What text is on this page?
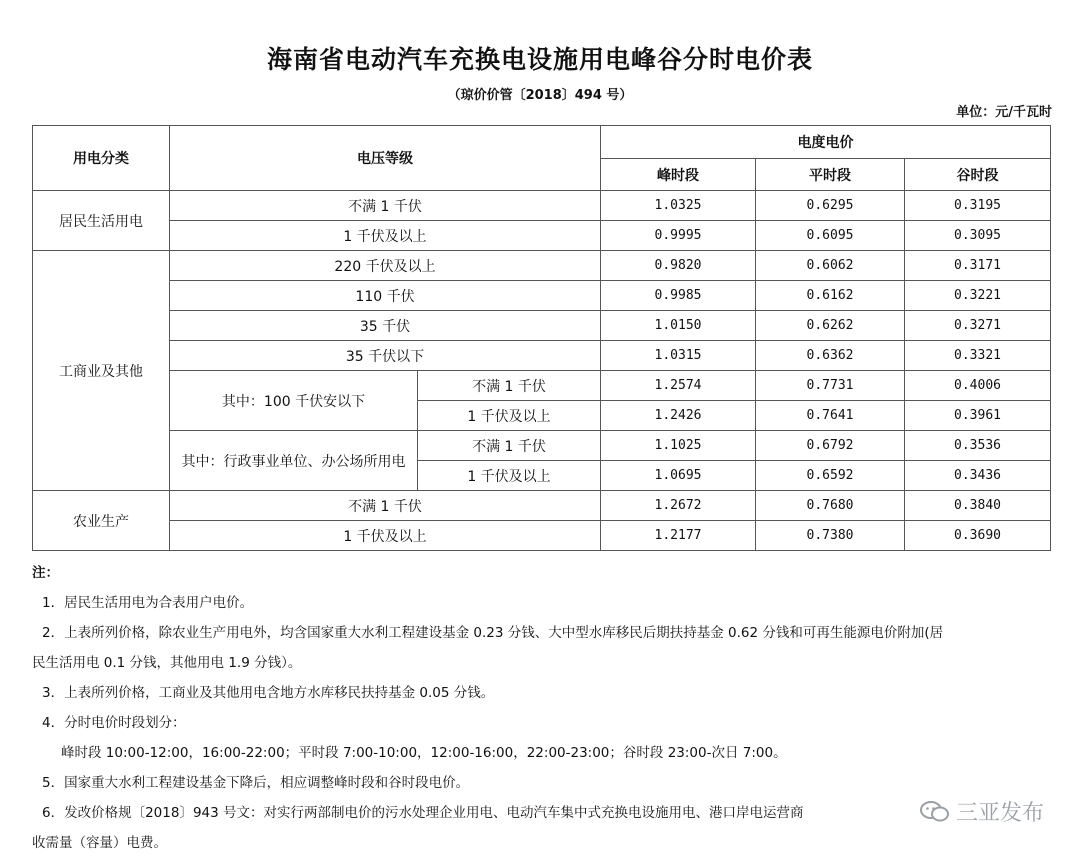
海南省电动汽车充换电设施用电峰谷分时电价表
（琼价价管〔2018〕494 号）
单位：元/千瓦时
用电分类	电压等级		电度电价		
			峰时段	平时段	谷时段
居民生活用电	不满 1 千伏		1.0325	0.6295	0.3195
	1 千伏及以上		0.9995	0.6095	0.3095
工商业及其他	220 千伏及以上		0.9820	0.6062	0.3171
	110 千伏		0.9985	0.6162	0.3221
	35 千伏		1.0150	0.6262	0.3271
	35 千伏以下		1.0315	0.6362	0.3321
	其中：100 千伏安以下	不满 1 千伏	1.2574	0.7731	0.4006
		1 千伏及以上	1.2426	0.7641	0.3961
	其中：行政事业单位、办公场所用电	不满 1 千伏	1.1025	0.6792	0.3536
		1 千伏及以上	1.0695	0.6592	0.3436
农业生产	不满 1 千伏		1.2672	0.7680	0.3840
	1 千伏及以上		1.2177	0.7380	0.3690

注：

1．居民生活用电为合表用户电价。

2．上表所列价格，除农业生产用电外，均含国家重大水利工程建设基金 0.23 分钱、大中型水库移民后期扶持基金 0.62 分钱和可再生能源电价附加(居

民生活用电 0.1 分钱，其他用电 1.9 分钱）。

3．上表所列价格，工商业及其他用电含地方水库移民扶持基金 0.05 分钱。

4．分时电价时段划分：

峰时段 10:00-12:00，16:00-22:00；平时段 7:00-10:00，12:00-16:00，22:00-23:00；谷时段 23:00-次日 7:00。

5．国家重大水利工程建设基金下降后，相应调整峰时段和谷时段电价。

6．发改价格规〔2018〕943 号文：对实行两部制电价的污水处理企业用电、电动汽车集中式充换电设施用电、港口岸电运营商

收需量（容量）电费。

三亚发布
